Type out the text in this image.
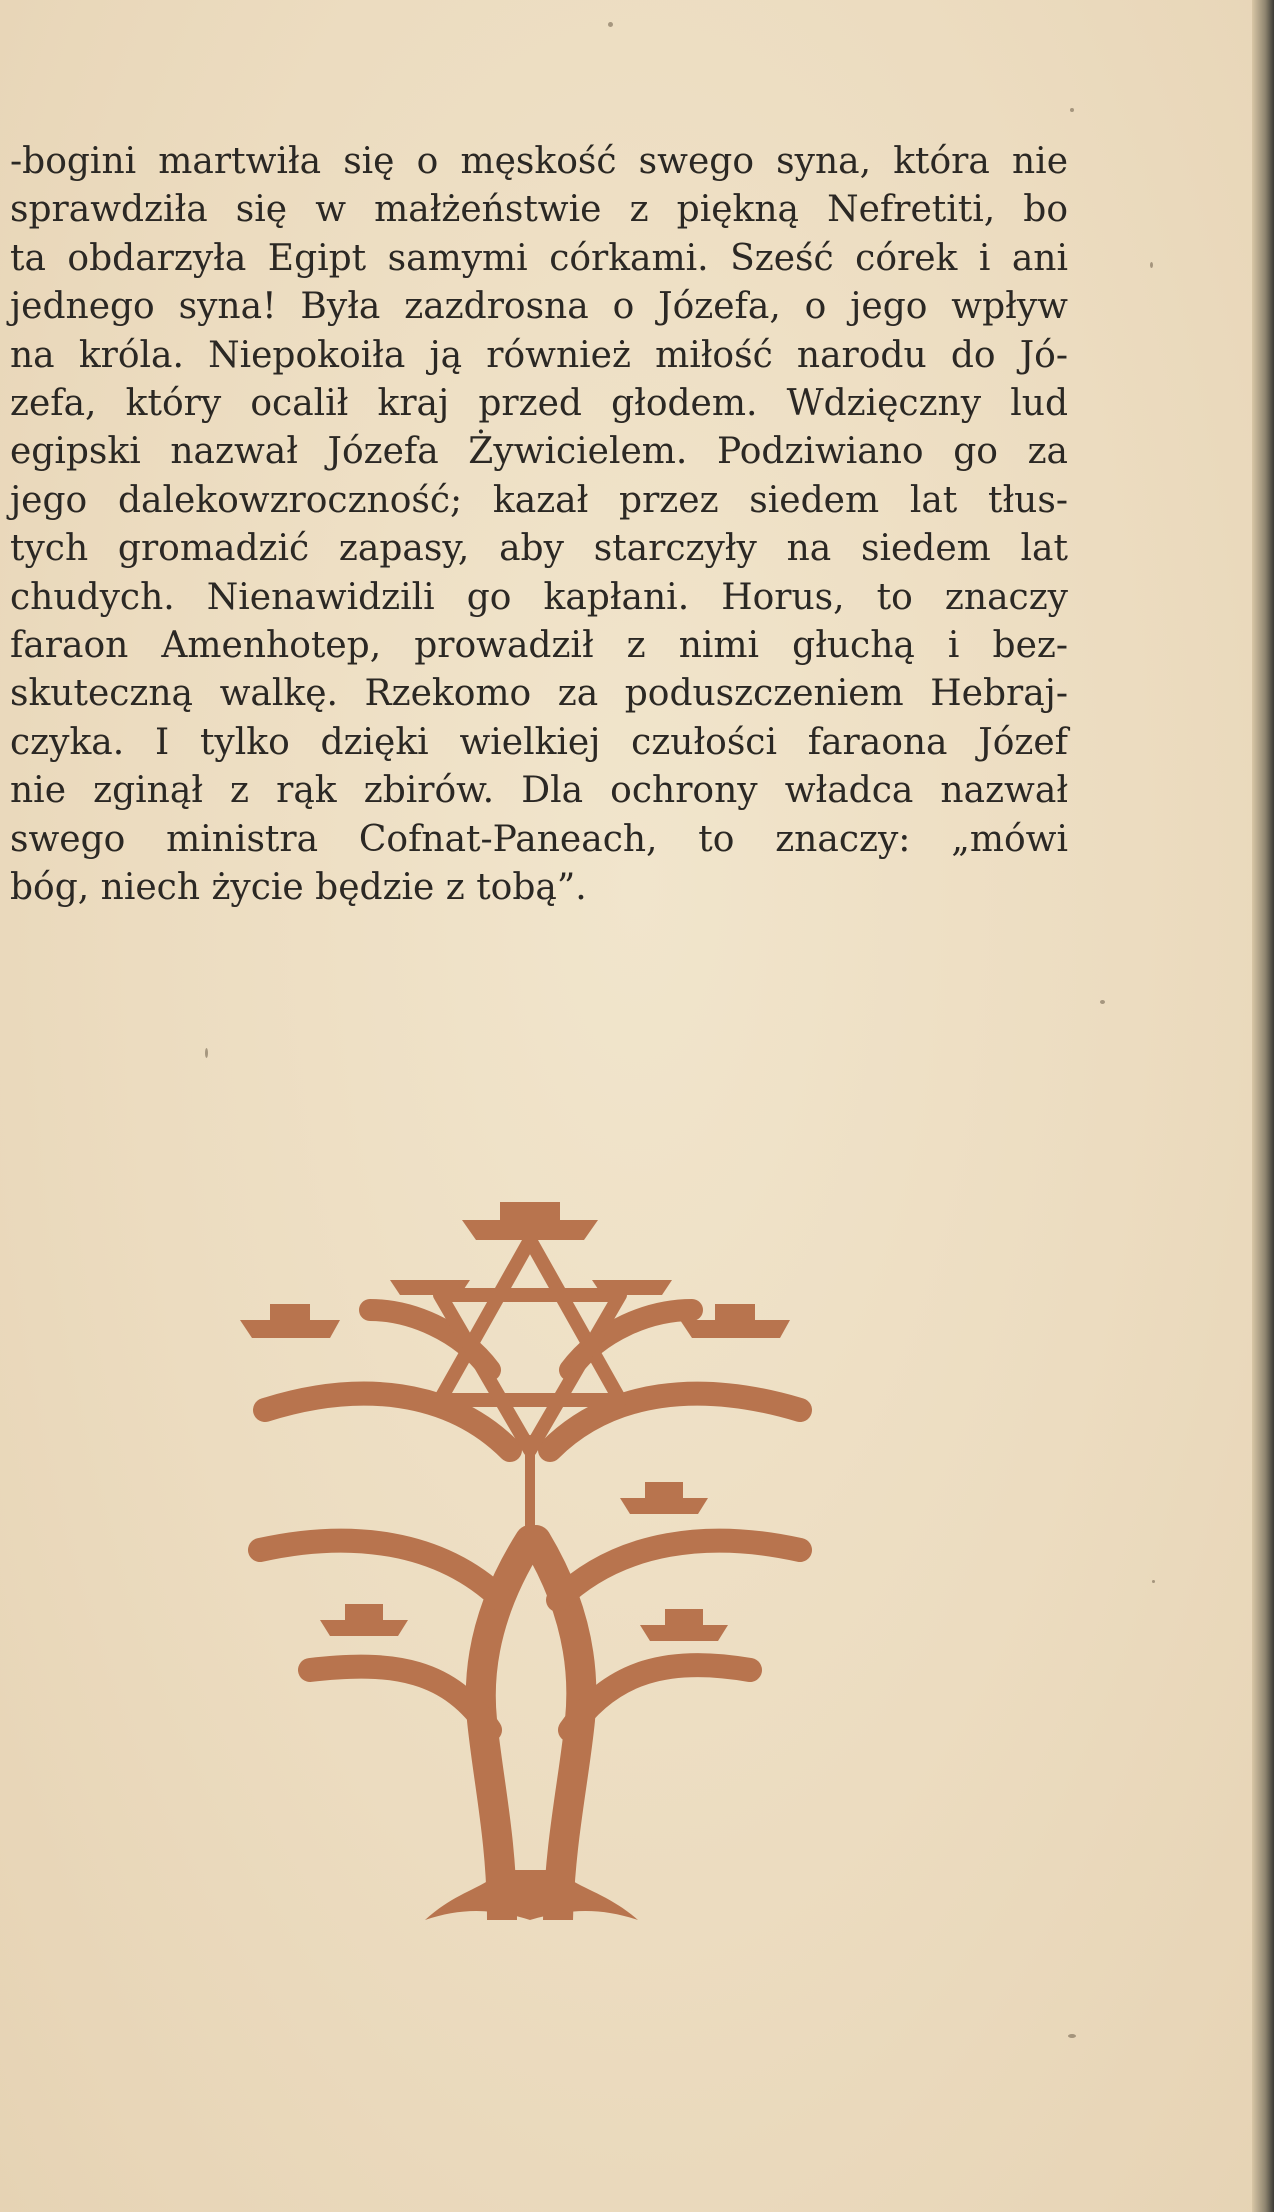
-bogini martwiła się o męskość swego syna, która nie
sprawdziła się w małżeństwie z piękną Nefretiti, bo
ta obdarzyła Egipt samymi córkami. Sześć córek i ani
jednego syna! Była zazdrosna o Józefa, o jego wpływ
na króla. Niepokoiła ją również miłość narodu do Jó-
zefa, który ocalił kraj przed głodem. Wdzięczny lud
egipski nazwał Józefa Żywicielem. Podziwiano go za
jego dalekowzroczność; kazał przez siedem lat tłus-
tych gromadzić zapasy, aby starczyły na siedem lat
chudych. Nienawidzili go kapłani. Horus, to znaczy
faraon Amenhotep, prowadził z nimi głuchą i bez-
skuteczną walkę. Rzekomo za poduszczeniem Hebraj-
czyka. I tylko dzięki wielkiej czułości faraona Józef
nie zginął z rąk zbirów. Dla ochrony władca nazwał
swego ministra Cofnat-Paneach, to znaczy: „mówi
bóg, niech życie będzie z tobą”.
